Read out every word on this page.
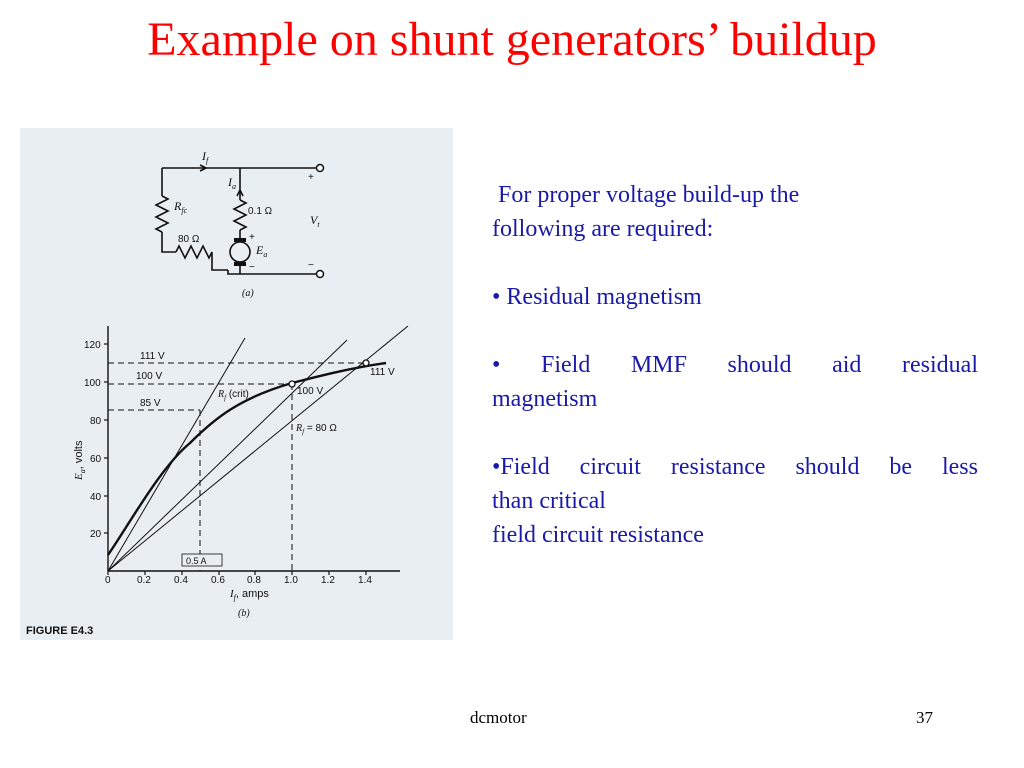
Example on shunt generators’ buildup
$I_f$
$I_a$
$R_{fc}$	0.1 Ω
80 Ω
$E_a$
+
−
$V_t$
+
−
(a)
120
100
80
60
40
20
0	0.2 0.4 0.6 0.8 1.0 1.2 1.4
$E_a$, volts
$I_f$, amps
(b)
111 V
100 V
85 V
111 V
100 V
$R_f$ (crit)
$R_f = 80$ Ω
0.5 A
FIGURE E4.3

For proper voltage build-up the

following are required:

• Residual magnetism

• Field MMF should aid residual

magnetism

•Field circuit resistance should be less

than critical

field circuit resistance

dcmotor	37
